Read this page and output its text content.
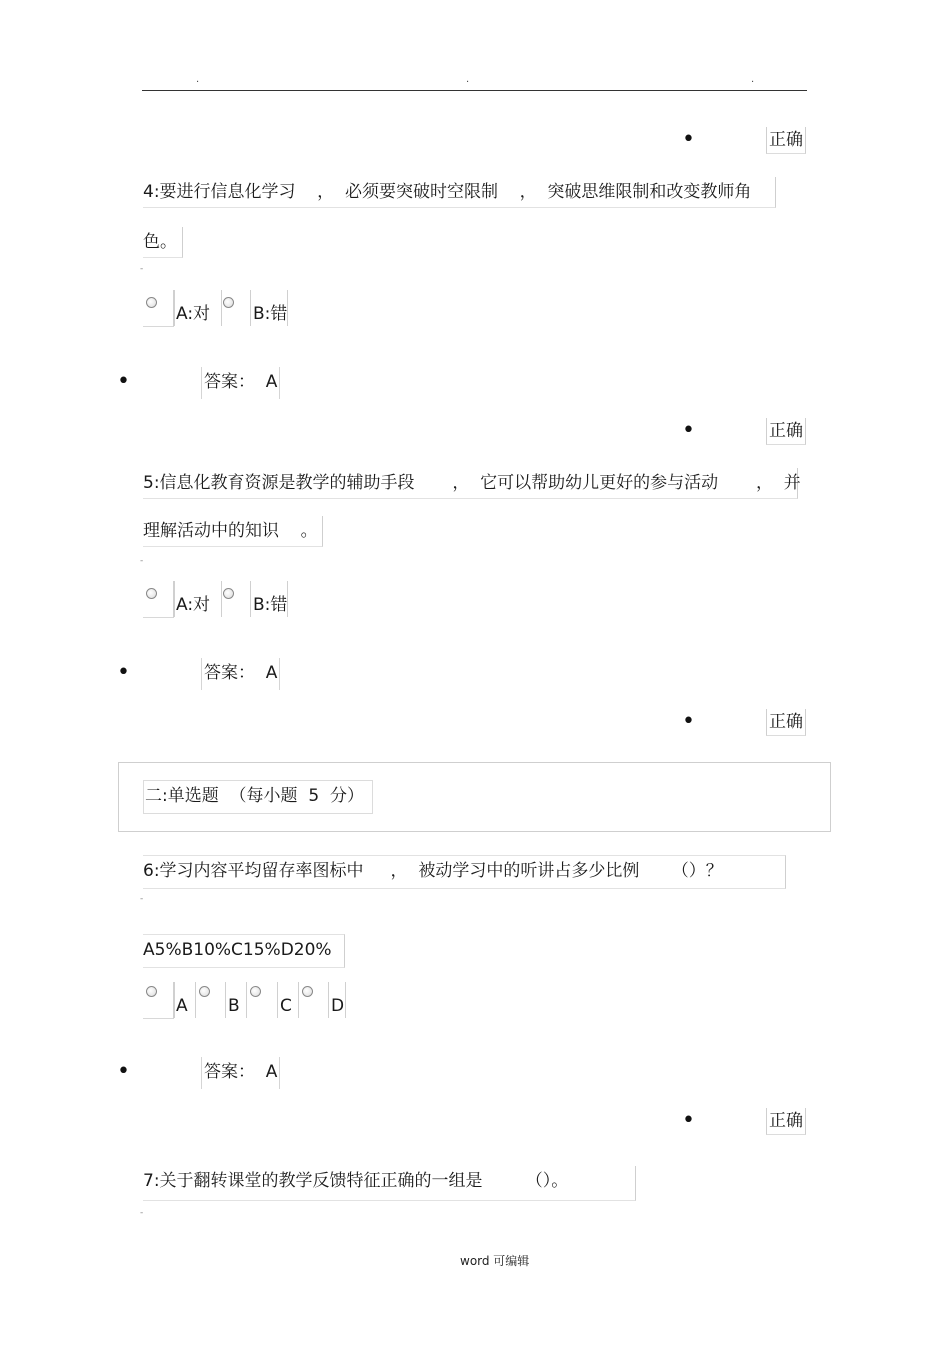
.	.	.
•	正确
4:要进行信息化学习    ，  必须要突破时空限制    ，  突破思维限制和改变教师角
色。
-
A:对	B:错
•	答案：  A
•	正确
5:信息化教育资源是教学的辅助手段       ，  它可以帮助幼儿更好的参与活动       ，  并
理解活动中的知识    。
-
A:对	B:错
•	答案：  A
•	正确
二:单选题  （每小题  5  分）
6:学习内容平均留存率图标中     ，  被动学习中的听讲占多少比例      （）？
-
A5%B10%C15%D20%
A B C D
•	答案：  A
•	正确
7:关于翻转课堂的教学反馈特征正确的一组是        （）。
-
word 可编辑
